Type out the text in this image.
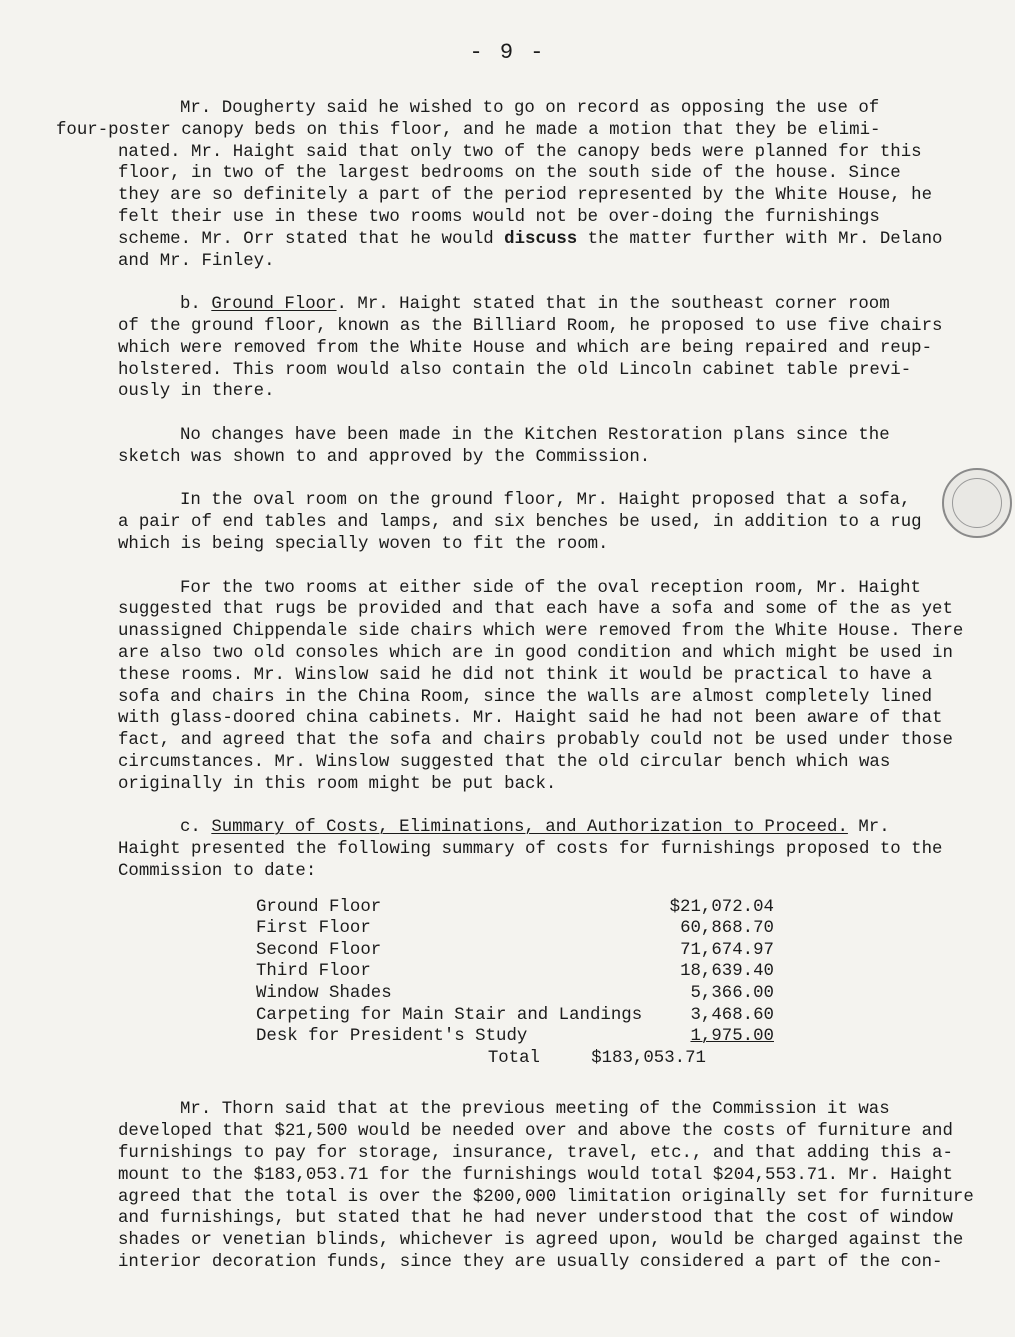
- 9 -

Mr. Dougherty said he wished to go on record as opposing the use of
four-poster canopy beds on this floor, and he made a motion that they be elimi-
nated. Mr. Haight said that only two of the canopy beds were planned for this
floor, in two of the largest bedrooms on the south side of the house. Since
they are so definitely a part of the period represented by the White House, he
felt their use in these two rooms would not be over-doing the furnishings
scheme. Mr. Orr stated that he would discuss the matter further with Mr. Delano
and Mr. Finley.

b. Ground Floor. Mr. Haight stated that in the southeast corner room
of the ground floor, known as the Billiard Room, he proposed to use five chairs
which were removed from the White House and which are being repaired and reup-
holstered. This room would also contain the old Lincoln cabinet table previ-
ously in there.

No changes have been made in the Kitchen Restoration plans since the
sketch was shown to and approved by the Commission.

In the oval room on the ground floor, Mr. Haight proposed that a sofa,
a pair of end tables and lamps, and six benches be used, in addition to a rug
which is being specially woven to fit the room.

For the two rooms at either side of the oval reception room, Mr. Haight
suggested that rugs be provided and that each have a sofa and some of the as yet
unassigned Chippendale side chairs which were removed from the White House. There
are also two old consoles which are in good condition and which might be used in
these rooms. Mr. Winslow said he did not think it would be practical to have a
sofa and chairs in the China Room, since the walls are almost completely lined
with glass-doored china cabinets. Mr. Haight said he had not been aware of that
fact, and agreed that the sofa and chairs probably could not be used under those
circumstances. Mr. Winslow suggested that the old circular bench which was
originally in this room might be put back.

c. Summary of Costs, Eliminations, and Authorization to Proceed. Mr.
Haight presented the following summary of costs for furnishings proposed to the
Commission to date:

Ground Floor	$21,072.04
First Floor	60,868.70
Second Floor	71,674.97
Third Floor	18,639.40
Window Shades	5,366.00
Carpeting for Main Stair and Landings	3,468.60
Desk for President's Study	1,975.00
Total	$183,053.71

Mr. Thorn said that at the previous meeting of the Commission it was
developed that $21,500 would be needed over and above the costs of furniture and
furnishings to pay for storage, insurance, travel, etc., and that adding this a-
mount to the $183,053.71 for the furnishings would total $204,553.71. Mr. Haight
agreed that the total is over the $200,000 limitation originally set for furniture
and furnishings, but stated that he had never understood that the cost of window
shades or venetian blinds, whichever is agreed upon, would be charged against the
interior decoration funds, since they are usually considered a part of the con-
